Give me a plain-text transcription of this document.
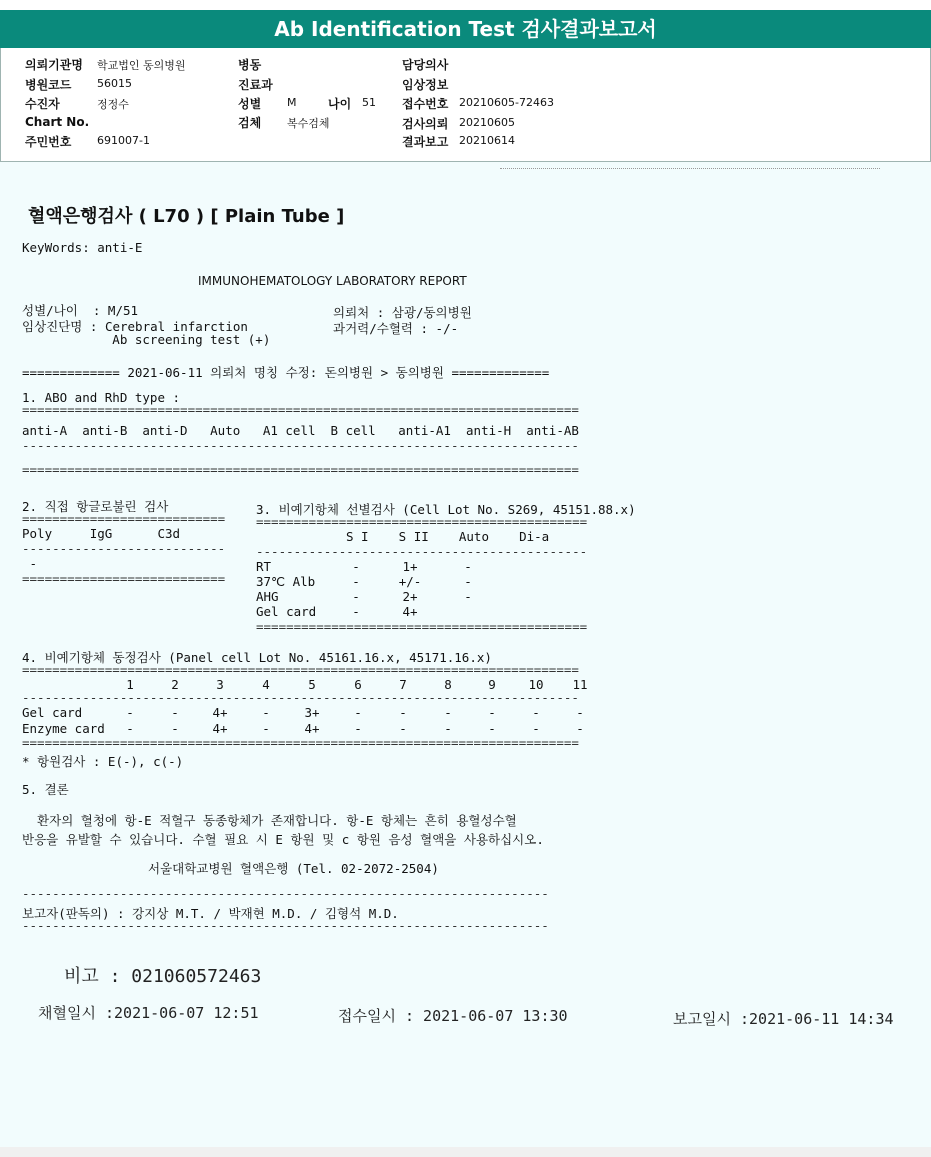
Ab Identification Test 검사결과보고서
의뢰기관명 학교법인 동의병원
병원코드 56015
수진자	정정수
Chart No.
주민번호 691007-1
병동
진료과
성별 M	나이 51
검체 복수검체
담당의사
임상정보
접수번호 20210605-72463
검사의뢰 20210605
결과보고 20210614
혈액은행검사 ( L70 ) [ Plain Tube ]
KeyWords: anti-E
IMMUNOHEMATOLOGY LABORATORY REPORT
성별/나이  : M/51
임상진단명 : Cerebral infarction
Ab screening test (+)
의뢰처 : 삼광/동의병원
과거력/수혈력 : -/-
============= 2021-06-11 의뢰처 명칭 수정: 돈의병원 > 동의병원 =============
1. ABO and RhD type :
==========================================================================
anti-A  anti-B  anti-D   Auto   A1 cell  B cell   anti-A1  anti-H  anti-AB
--------------------------------------------------------------------------
==========================================================================
2. 직접 항글로불린 검사
===========================
Poly     IgG      C3d
---------------------------
-
===========================
3. 비예기항체 선별검사 (Cell Lot No. S269, 45151.88.x)
============================================
S I    S II    Auto    Di-a
--------------------------------------------
RT	-	1+	-
37℃ Alb	-	+/-	-
AHG	-	2+	-
Gel card	-	4+
============================================
4. 비예기항체 동정검사 (Panel cell Lot No. 45161.16.x, 45171.16.x)
==========================================================================
1	2	3	4	5	6	7	8	9	10	11
--------------------------------------------------------------------------
Gel card	-	-	4+	-	3+	-	-	-	-	-	-
Enzyme card	-	-	4+	-	4+	-	-	-	-	-	-
==========================================================================
* 항원검사 : E(-), c(-)
5. 결론
환자의 혈청에 항-E 적혈구 동종항체가 존재합니다. 항-E 항체는 흔히 용혈성수혈
반응을 유발할 수 있습니다. 수혈 필요 시 E 항원 및 c 항원 음성 혈액을 사용하십시오.
서울대학교병원 혈액은행 (Tel. 02-2072-2504)
----------------------------------------------------------------------
보고자(판독의) : 강지상 M.T. / 박재현 M.D. / 김형석 M.D.
----------------------------------------------------------------------
비고 : 021060572463
채혈일시 :2021-06-07 12:51	접수일시 : 2021-06-07 13:30	보고일시 :2021-06-11 14:34
